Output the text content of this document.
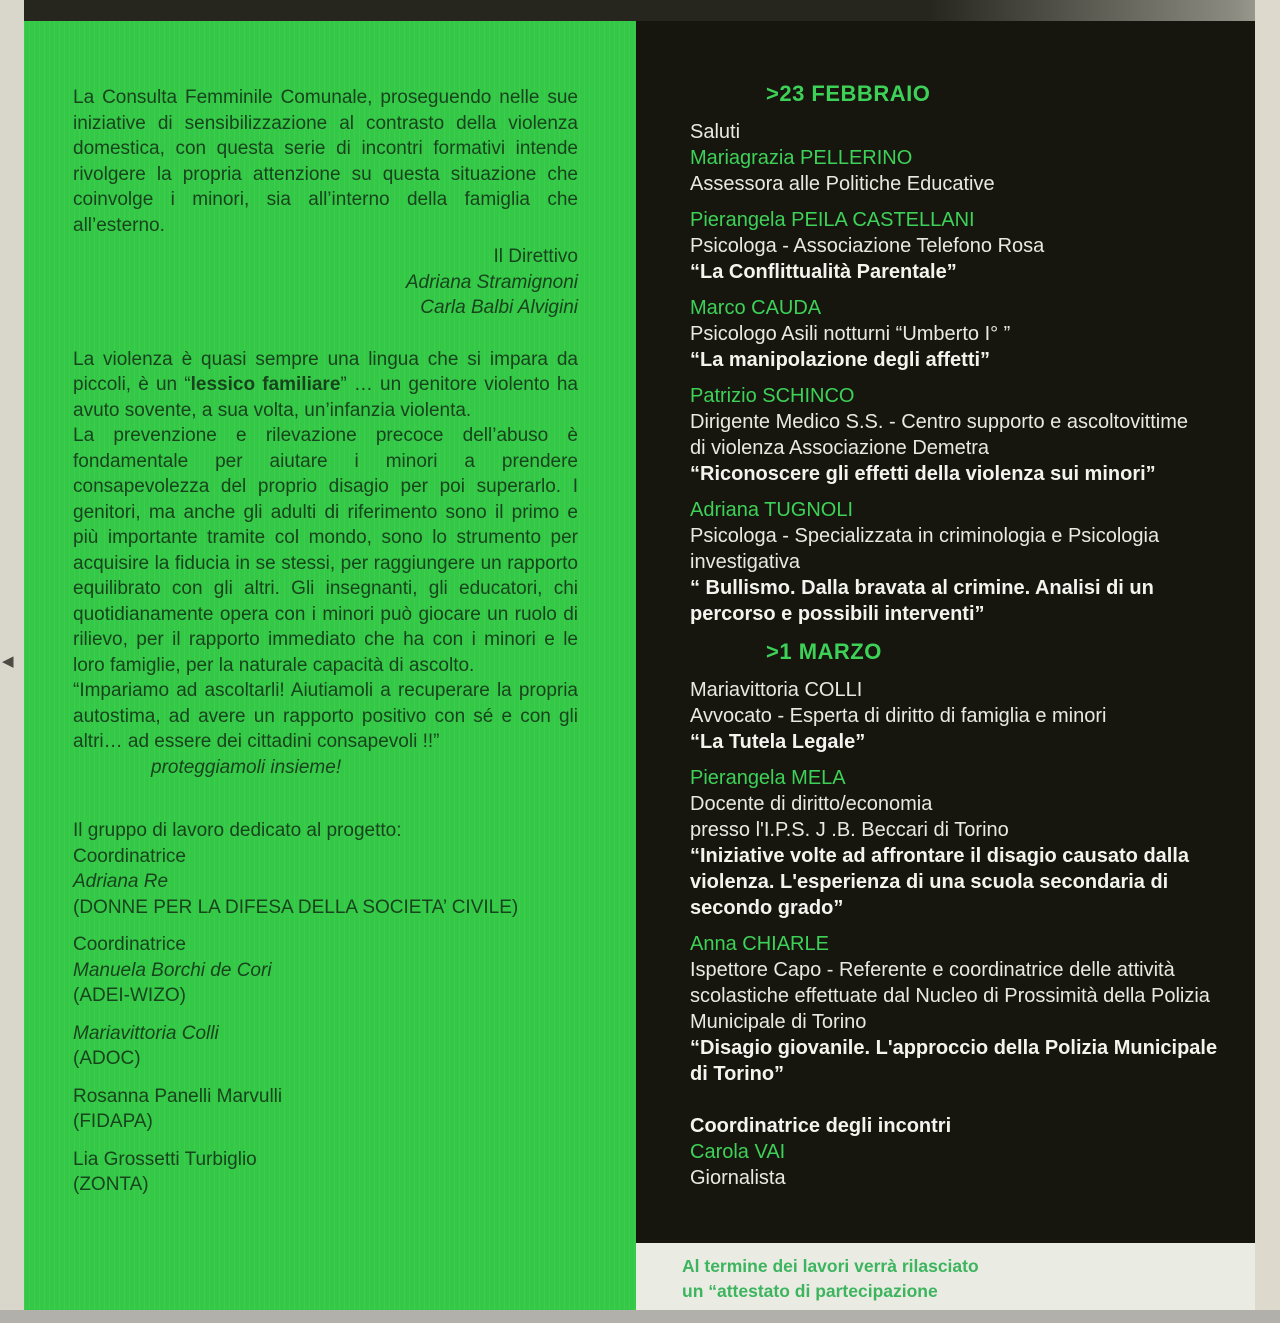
◀

La Consulta Femminile Comunale, proseguendo nelle sue iniziative di sensibilizzazione al contrasto della violenza domestica, con questa serie di incontri formativi intende rivolgere la propria attenzione su questa situazione che coinvolge i minori, sia all’interno della famiglia che all’esterno.

Il Direttivo
Adriana Stramignoni
Carla Balbi Alvigini

La violenza è quasi sempre una lingua che si impara da piccoli, è un “lessico familiare” … un genitore violento ha avuto sovente, a sua volta, un’infanzia violenta.

La prevenzione e rilevazione precoce dell’abuso è fondamentale per aiutare i minori a prendere consapevolezza del proprio disagio per poi superarlo. I genitori, ma anche gli adulti di riferimento sono il primo e più importante tramite col mondo, sono lo strumento per acquisire la fiducia in se stessi, per raggiungere un rapporto equilibrato con gli altri. Gli insegnanti, gli educatori, chi quotidianamente opera con i minori può giocare un ruolo di rilievo, per il rapporto immediato che ha con i minori e le loro famiglie, per la naturale capacità di ascolto.

“Impariamo ad ascoltarli! Aiutiamoli a recuperare la propria autostima, ad avere un rapporto positivo con sé e con gli altri… ad essere dei cittadini consapevoli !!”

proteggiamoli insieme!

Il gruppo di lavoro dedicato al progetto:
Coordinatrice
Adriana Re
(DONNE PER LA DIFESA DELLA SOCIETA’ CIVILE)
Coordinatrice
Manuela Borchi de Cori
(ADEI-WIZO)
Mariavittoria Colli
(ADOC)
Rosanna Panelli Marvulli
(FIDAPA)
Lia Grossetti Turbiglio
(ZONTA)
>23 FEBBRAIO
Saluti
Mariagrazia PELLERINO
Assessora alle Politiche Educative
Pierangela PEILA CASTELLANI
Psicologa - Associazione Telefono Rosa
“La Conflittualità Parentale”
Marco CAUDA
Psicologo Asili notturni “Umberto I° ”
“La manipolazione degli affetti”
Patrizio SCHINCO
Dirigente Medico S.S. - Centro supporto e ascoltovittime
di violenza Associazione Demetra
“Riconoscere gli effetti della violenza sui minori”
Adriana TUGNOLI
Psicologa - Specializzata in criminologia e Psicologia
investigativa
“ Bullismo. Dalla bravata al crimine. Analisi di un percorso e possibili interventi”
>1 MARZO
Mariavittoria COLLI
Avvocato - Esperta di diritto di famiglia e minori
“La Tutela Legale”
Pierangela MELA
Docente di diritto/economia
presso l'I.P.S. J .B. Beccari di Torino
“Iniziative volte ad affrontare il disagio causato dalla violenza. L'esperienza di una scuola secondaria di secondo grado”
Anna CHIARLE
Ispettore Capo - Referente e coordinatrice delle attività scolastiche effettuate dal Nucleo di Prossimità della Polizia Municipale di Torino
“Disagio giovanile. L'approccio della Polizia Municipale di Torino”
Coordinatrice degli incontri
Carola VAI
Giornalista
Al termine dei lavori verrà rilasciato
un “attestato di partecipazione
